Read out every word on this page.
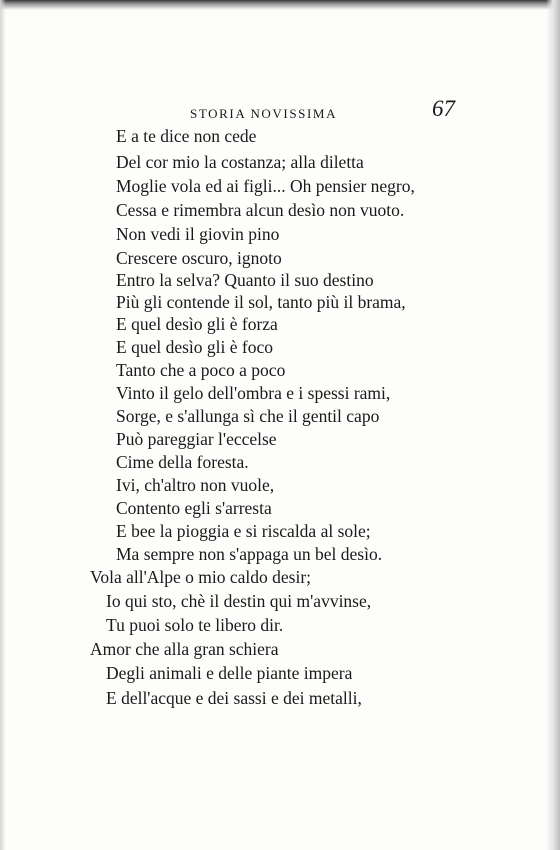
STORIA NOVISSIMA	67
E a te dice non cede
Del cor mio la costanza; alla diletta
Moglie vola ed ai figli... Oh pensier negro,
Cessa e rimembra alcun desìo non vuoto.
Non vedi il giovin pino
Crescere oscuro, ignoto
Entro la selva? Quanto il suo destino
Più gli contende il sol, tanto più il brama,
E quel desìo gli è forza
E quel desìo gli è foco
Tanto che a poco a poco
Vinto il gelo dell'ombra e i spessi rami,
Sorge, e s'allunga sì che il gentil capo
Può pareggiar l'eccelse
Cime della foresta.
Ivi, ch'altro non vuole,
Contento egli s'arresta
E bee la pioggia e si riscalda al sole;
Ma sempre non s'appaga un bel desìo.
Vola all'Alpe o mio caldo desir;
Io qui sto, chè il destin qui m'avvinse,
Tu puoi solo te libero dir.
Amor che alla gran schiera
Degli animali e delle piante impera
E dell'acque e dei sassi e dei metalli,
